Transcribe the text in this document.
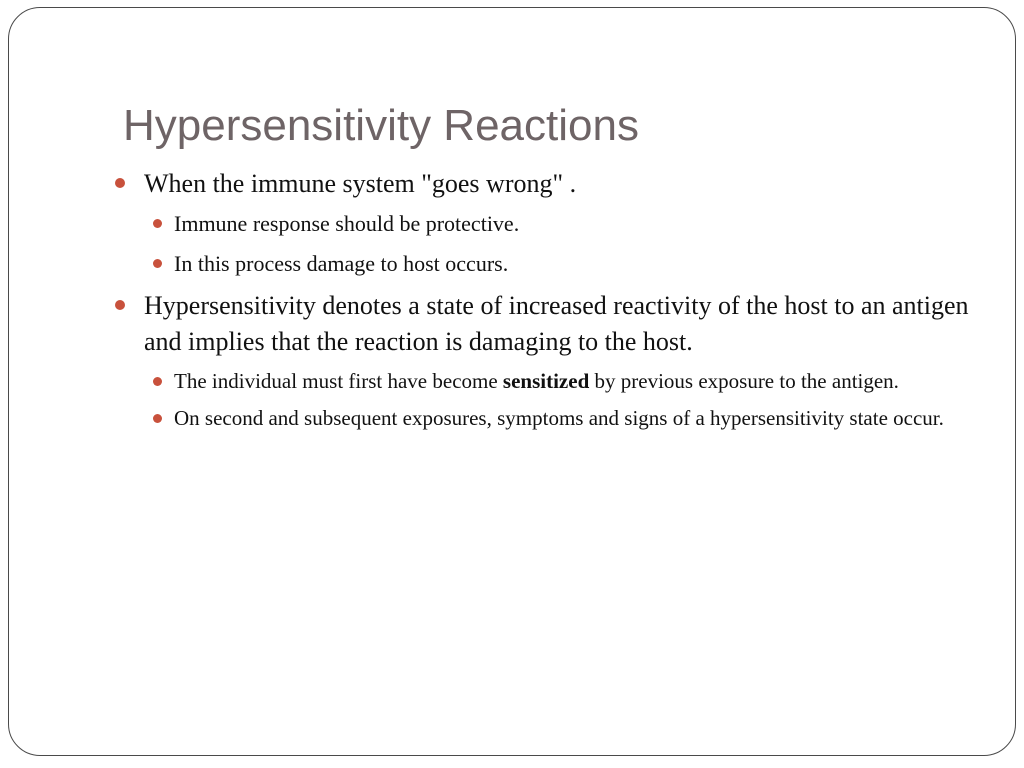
Hypersensitivity Reactions
When the immune system "goes wrong" .
Immune response should be protective.
In this process damage to host occurs.
Hypersensitivity denotes a state of increased reactivity of the host to an antigen and implies that the reaction is damaging to the host.
The individual must first have become sensitized by previous exposure to the antigen.
On second and subsequent exposures, symptoms and signs of a hypersensitivity state occur.
